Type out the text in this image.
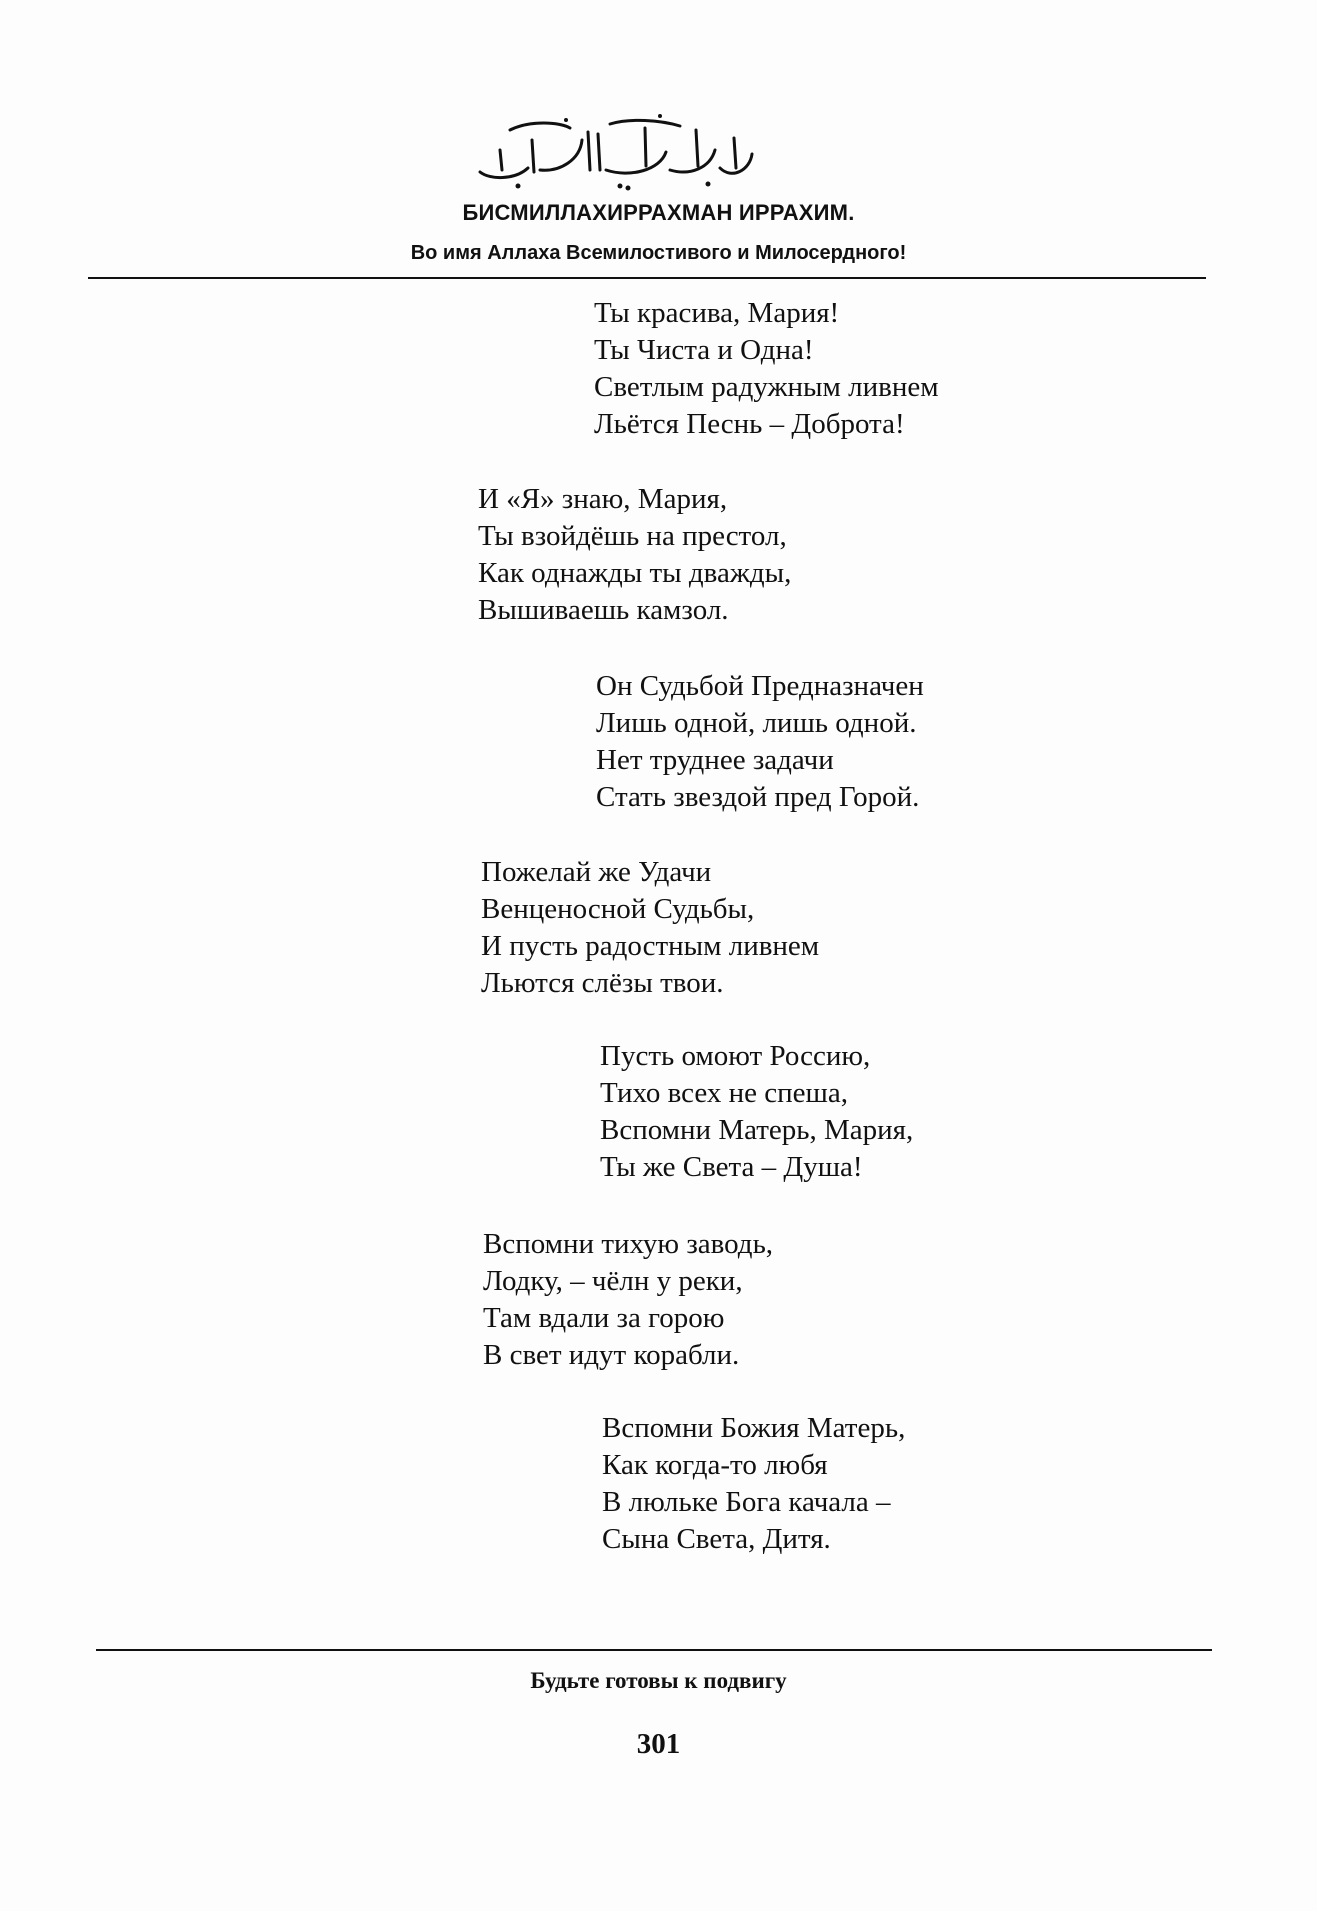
БИСМИЛЛАХИРРАХМАН ИРРАХИМ.
Во имя Аллаха Всемилостивого и Милосердного!
Ты красива, Мария!
Ты Чиста и Одна!
Светлым радужным ливнем
Льётся Песнь – Доброта!
И «Я» знаю, Мария,
Ты взойдёшь на престол,
Как однажды ты дважды,
Вышиваешь камзол.
Он Судьбой Предназначен
Лишь одной, лишь одной.
Нет труднее задачи
Стать звездой пред Горой.
Пожелай же Удачи
Венценосной Судьбы,
И пусть радостным ливнем
Льются слёзы твои.
Пусть омоют Россию,
Тихо всех не спеша,
Вспомни Матерь, Мария,
Ты же Света – Душа!
Вспомни тихую заводь,
Лодку, – чёлн у реки,
Там вдали за горою
В свет идут корабли.
Вспомни Божия Матерь,
Как когда-то любя
В люльке Бога качала –
Сына Света, Дитя.
Будьте готовы к подвигу
301
